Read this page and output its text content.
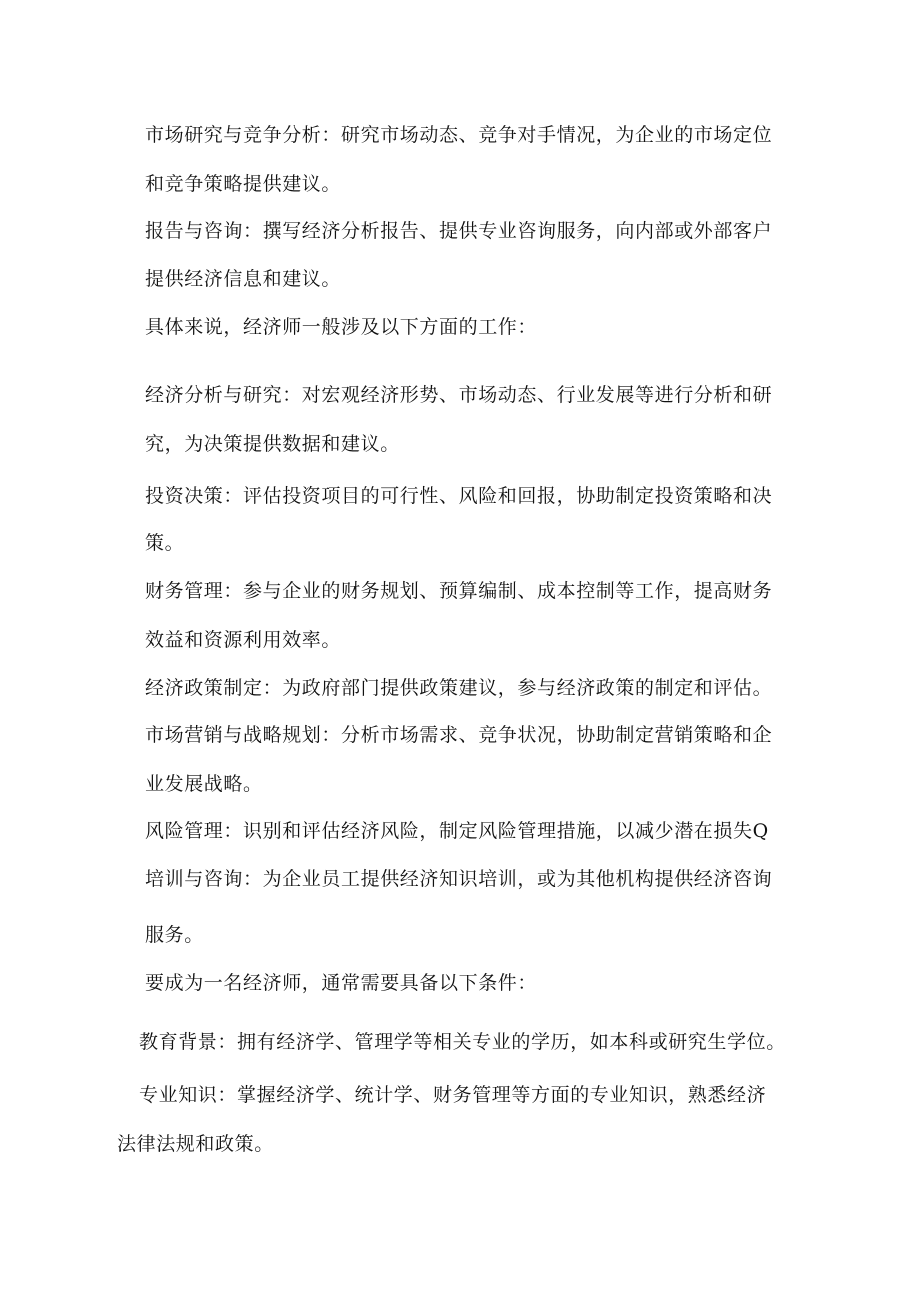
市场研究与竞争分析：研究市场动态、竞争对手情况，为企业的市场定位
和竞争策略提供建议。
报告与咨询：撰写经济分析报告、提供专业咨询服务，向内部或外部客户
提供经济信息和建议。
具体来说，经济师一般涉及以下方面的工作：
经济分析与研究：对宏观经济形势、市场动态、行业发展等进行分析和研
究，为决策提供数据和建议。
投资决策：评估投资项目的可行性、风险和回报，协助制定投资策略和决
策。
财务管理：参与企业的财务规划、预算编制、成本控制等工作，提高财务
效益和资源利用效率。
经济政策制定：为政府部门提供政策建议，参与经济政策的制定和评估。
市场营销与战略规划：分析市场需求、竞争状况，协助制定营销策略和企
业发展战略。
风险管理：识别和评估经济风险，制定风险管理措施，以减少潜在损失Q
培训与咨询：为企业员工提供经济知识培训，或为其他机构提供经济咨询
服务。
要成为一名经济师，通常需要具备以下条件：
教育背景：拥有经济学、管理学等相关专业的学历，如本科或研究生学位。
专业知识：掌握经济学、统计学、财务管理等方面的专业知识，熟悉经济
法律法规和政策。
